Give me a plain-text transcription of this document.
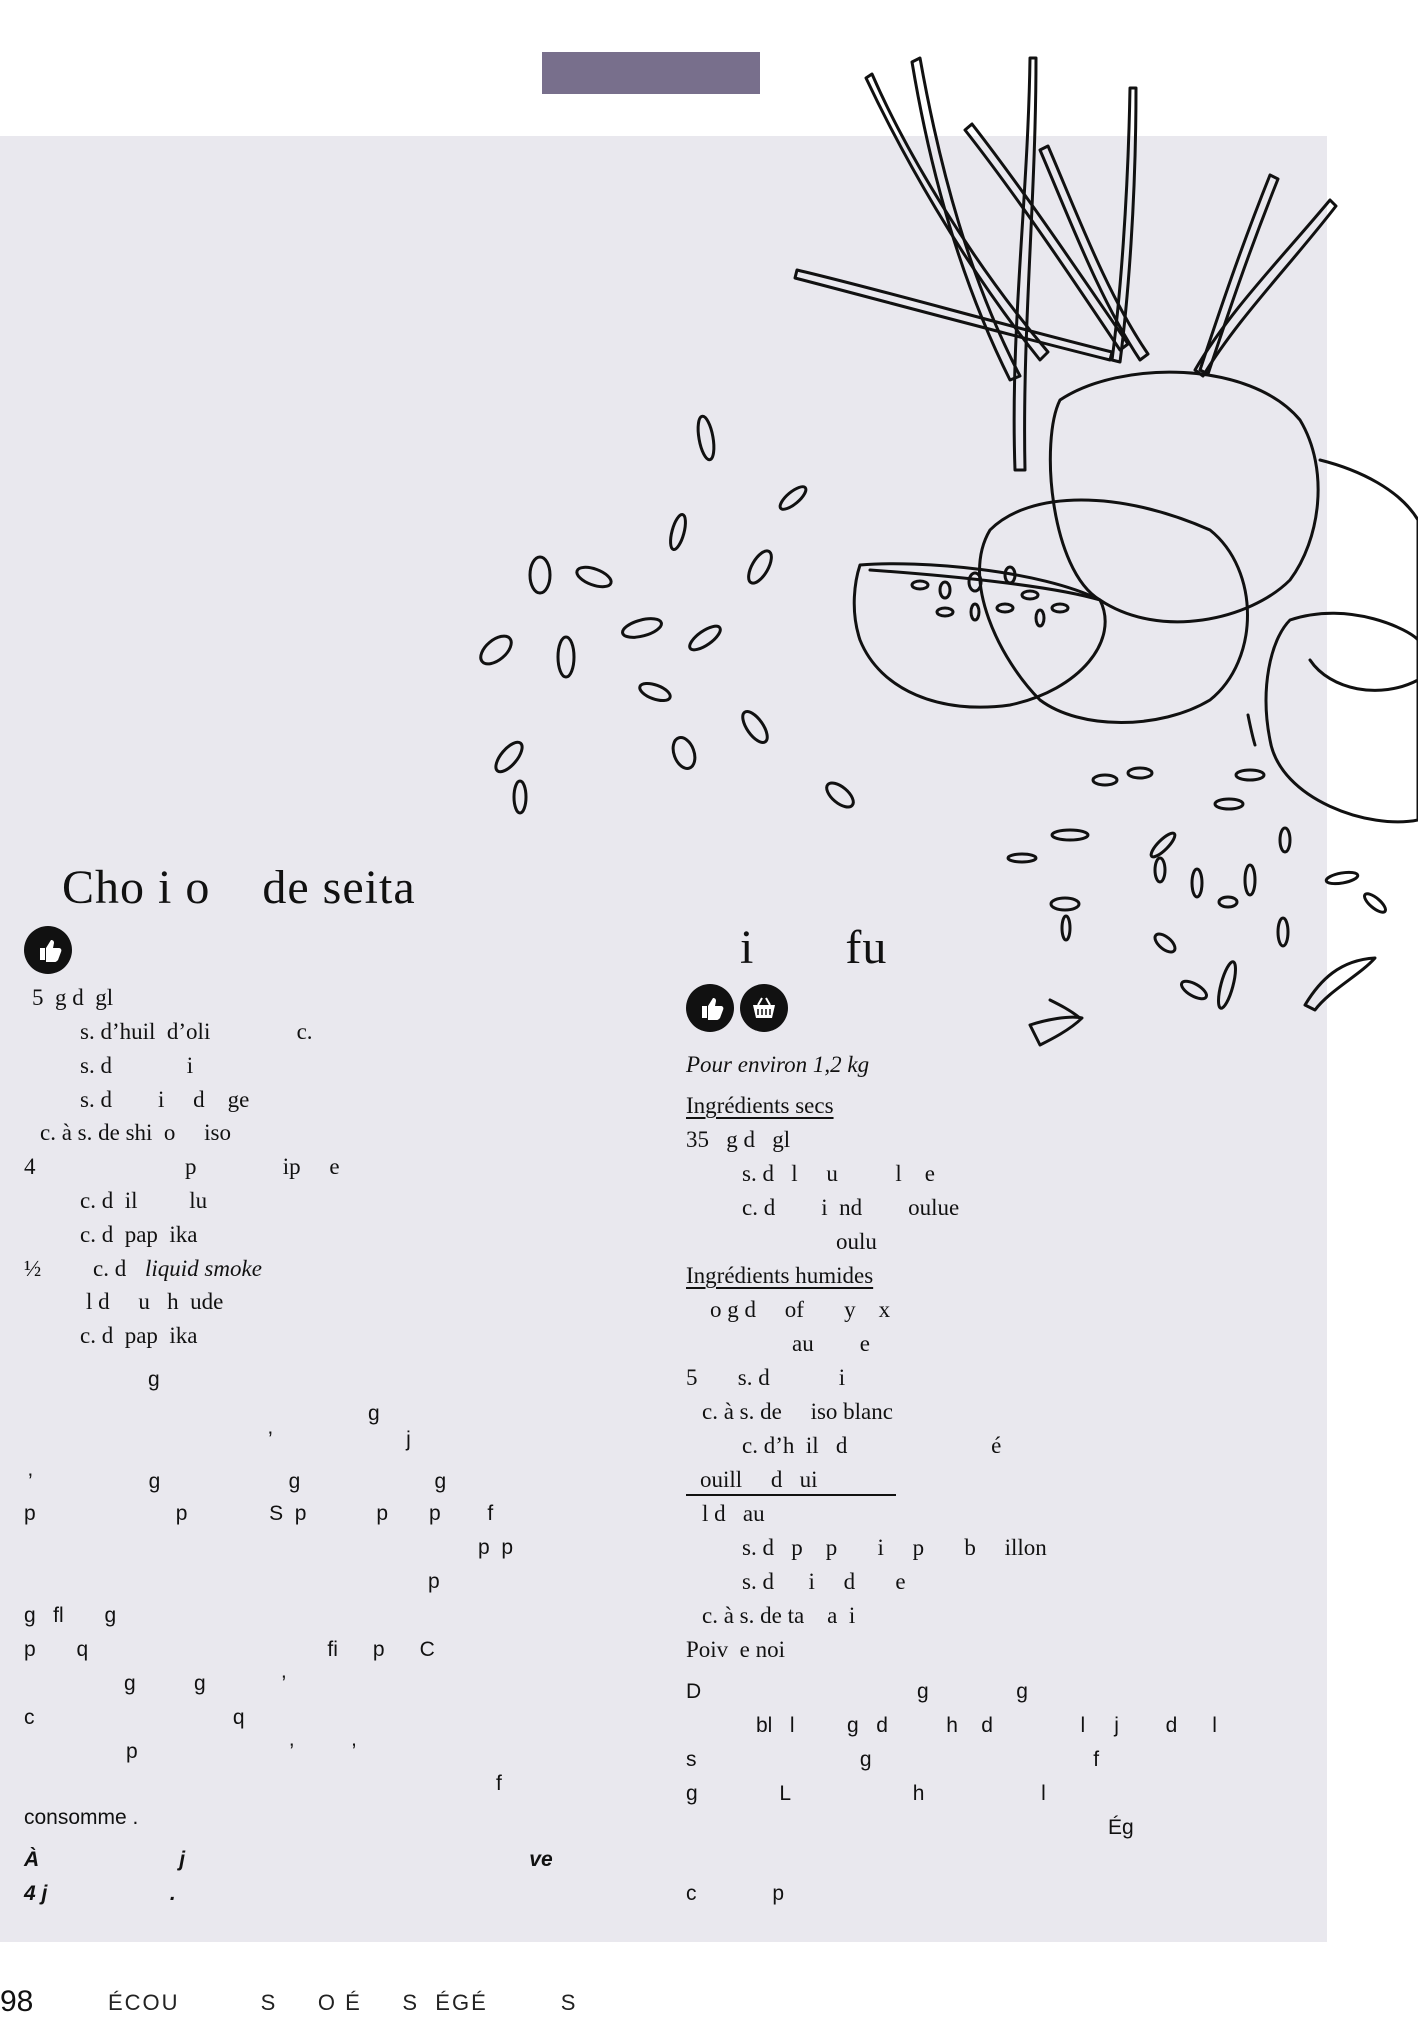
Cho i o    de seita
5  g d  gl
s. d’huil  d’oli               c.
s. d             i
s. d        i     d    ge
c. à s. de shi  o     iso
4                          p               ip     e
c. d  il         lu
c. d  pap  ika
½         c. d liquid smoke
l d     u   h  ude
c. d  pap  ika
g
g
’                       j
’                    g                      g                       g
p                        p              S  p            p       p        f
p  p
p
g   fl       g
p       q                                         fi      p      C
g          g             ’
c                                  q
p                          ’          ’
f
consomme .
À                        j                                                           ve
4 j                     .
i       fu
Pour environ 1,2 kg
Ingrédients secs
35   g d   gl
s. d   l     u          l    e
c. d        i  nd        oulue
oulu
Ingrédients humides
o g d     of       y    x
au        e
5       s. d            i
c. à s. de     iso blanc
c. d’h  il   d                         é
ouill     d   ui
l d   au
s. d   p    p       i     p       b     illon
s. d      i     d       e
c. à s. de ta    a  i
Poiv  e noi
D                                     g               g
bl   l         g   d          h    d               l     j        d      l
s                            g                                      f
g              L                     h                    l
Ég
c             p
98	ÉCOU          S     O É     S  ÉGÉ         S
